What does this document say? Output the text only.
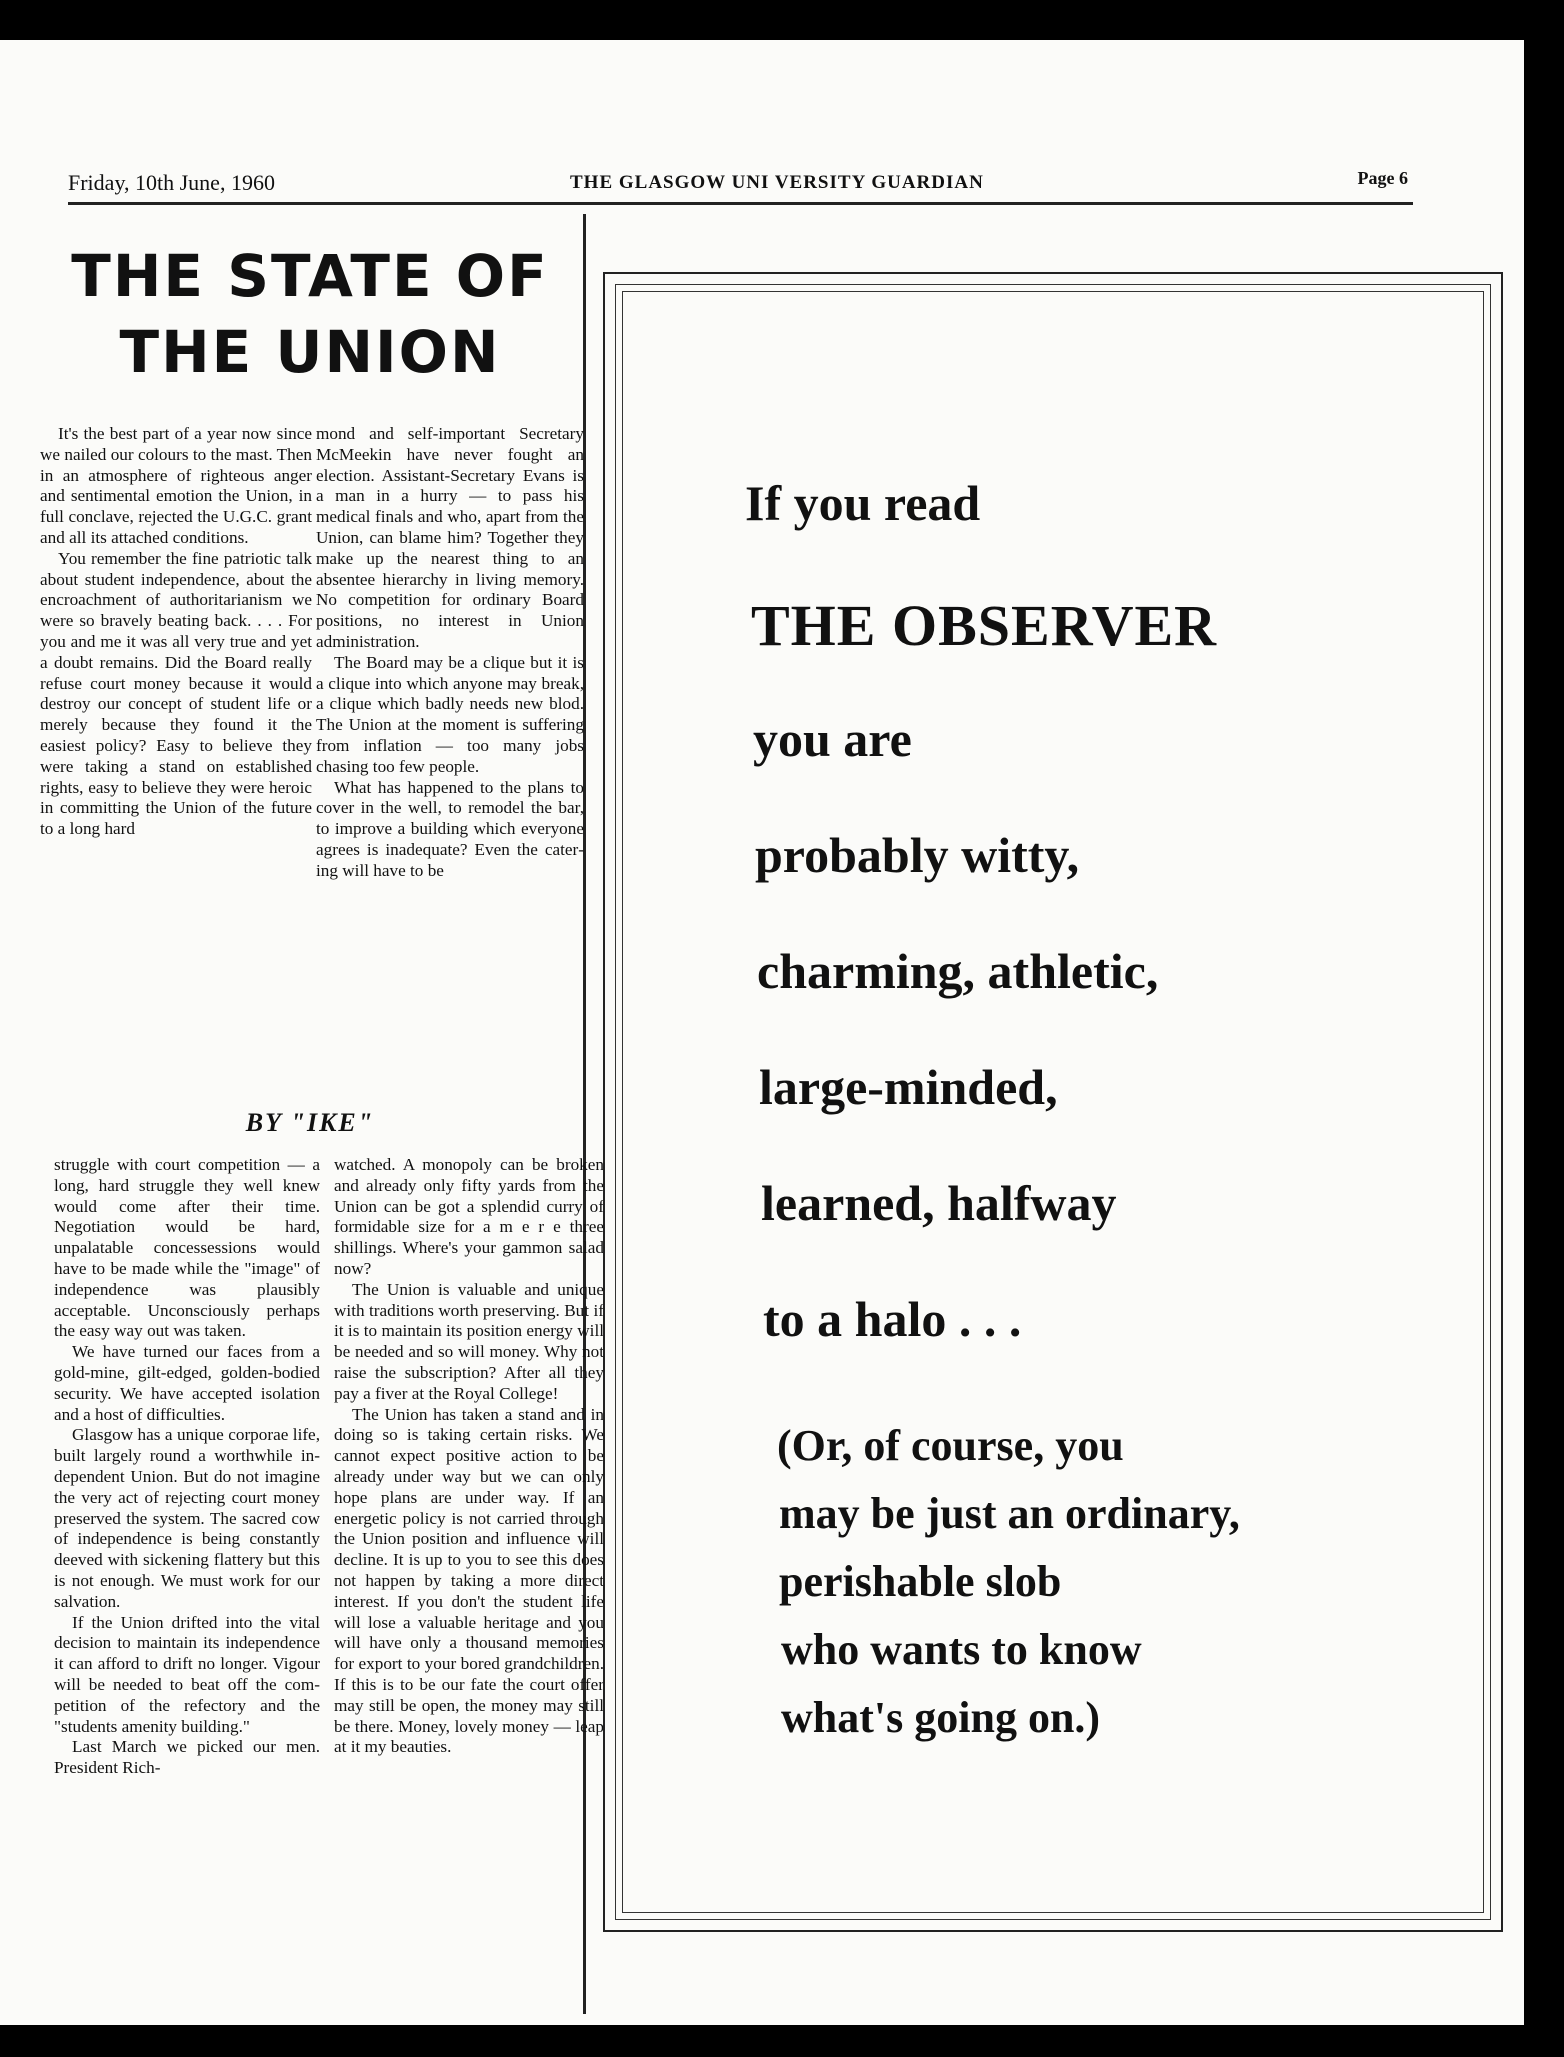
Friday, 10th June, 1960	THE GLASGOW UNI VERSITY GUARDIAN	Page 6
THE STATE OF
THE UNION

It's the best part of a year now since we nailed our colours to the mast. Then in an atmosphere of righteous anger and sentimental emotion the Union, in full conclave, rejected the U.G.C. grant and all its attached conditions.

You remember the fine patriotic talk about student independence, about the encroachment of authoritarianism we were so bravely beating back. . . . For you and me it was all very true and yet a doubt remains. Did the Board really refuse court money because it would destroy our concept of student life or merely because they found it the easiest policy? Easy to believe they were taking a stand on established rights, easy to believe they were heroic in committing the Union of the future to a long hard

mond and self-important Secretary McMeekin have never fought an election. Assistant-Secretary Evans is a man in a hurry — to pass his medical finals and who, apart from the Union, can blame him? Together they make up the nearest thing to an absentee hierarchy in living memory. No competition for ordinary Board positions, no interest in Union administration.

The Board may be a clique but it is a clique into which anyone may break, a clique which badly needs new blod. The Union at the moment is suffering from inflation — too many jobs chasing too few people.

What has happened to the plans to cover in the well, to remodel the bar, to improve a building which everyone agrees is inadequate? Even the catering will have to be

BY "IKE"

struggle with court competition — a long, hard struggle they well knew would come after their time. Negotiation would be hard, unpalatable concessessions would have to be made while the "image" of independence was plausibly acceptable. Unconsciously perhaps the easy way out was taken.

We have turned our faces from a gold-mine, gilt-edged, golden-bodied security. We have accepted isolation and a host of difficulties.

Glasgow has a unique corporae life, built largely round a worthwhile independent Union. But do not imagine the very act of rejecting court money preserved the system. The sacred cow of independence is being constantly deeved with sickening flattery but this is not enough. We must work for our salvation.

If the Union drifted into the vital decision to maintain its independence it can afford to drift no longer. Vigour will be needed to beat off the competition of the refectory and the "students amenity building."

Last March we picked our men. President Rich-

watched. A monopoly can be broken and already only fifty yards from the Union can be got a splendid curry of formidable size for a m e r e three shillings. Where's your gammon salad now?

The Union is valuable and unique with traditions worth preserving. But if it is to maintain its position energy will be needed and so will money. Why not raise the subscription? After all they pay a fiver at the Royal College!

The Union has taken a stand and in doing so is taking certain risks. We cannot expect positive action to be already under way but we can only hope plans are under way. If an energetic policy is not carried through the Union position and influence will decline. It is up to you to see this does not happen by taking a more direct interest. If you don't the student life will lose a valuable heritage and you will have only a thousand memories for export to your bored grandchildren. If this is to be our fate the court offer may still be open, the money may still be there. Money, lovely money — leap at it my beauties.

If you read
THE OBSERVER
you are
probably witty,
charming, athletic,
large-minded,
learned, halfway
to a halo . . .
(Or, of course, you
may be just an ordinary,
perishable slob
who wants to know
what's going on.)
